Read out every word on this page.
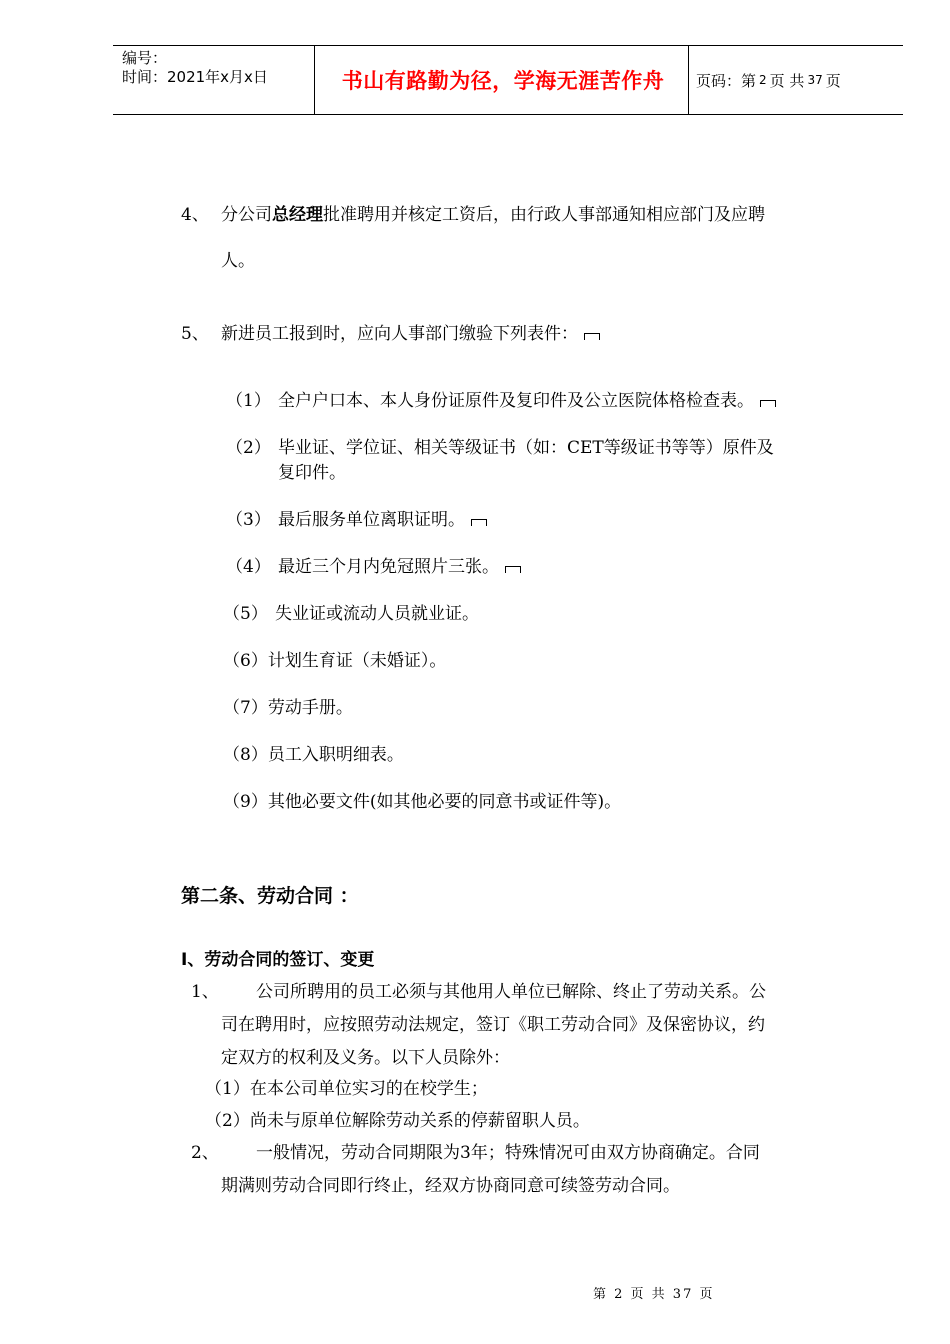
编号：
时间：2021年x月x日	书山有路勤为径，学海无涯苦作舟	页码：第 2 页 共 37 页
4、 分公司总经理批准聘用并核定工资后，由行政人事部通知相应部门及应聘
人。
5、 新进员工报到时，应向人事部门缴验下列表件：
（1） 全户户口本、本人身份证原件及复印件及公立医院体格检查表。
（2） 毕业证、学位证、相关等级证书（如：CET等级证书等等）原件及
复印件。
（3） 最后服务单位离职证明。
（4） 最近三个月内免冠照片三张。
（5） 失业证或流动人员就业证。
（6）计划生育证（未婚证）。
（7）劳动手册。
（8）员工入职明细表。
（9）其他必要文件(如其他必要的同意书或证件等)。
第二条、劳动合同 ：
I、劳动合同的签订、变更
1、 公司所聘用的员工必须与其他用人单位已解除、终止了劳动关系。公
司在聘用时，应按照劳动法规定，签订《职工劳动合同》及保密协议，约
定双方的权利及义务。以下人员除外：
（1）在本公司单位实习的在校学生；
（2）尚未与原单位解除劳动关系的停薪留职人员。
2、 一般情况，劳动合同期限为3年；特殊情况可由双方协商确定。合同
期满则劳动合同即行终止，经双方协商同意可续签劳动合同。
第 2 页 共 37 页
